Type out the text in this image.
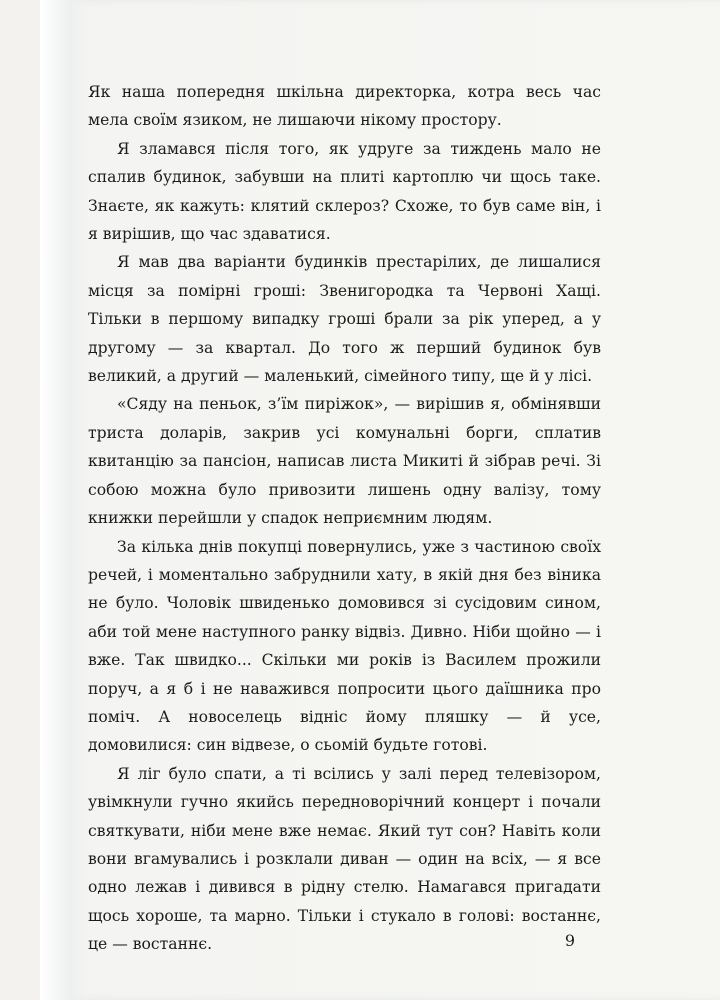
Як наша попередня шкільна директорка, котра весь час мела своїм язиком, не лишаючи нікому простору.

Я зламався після того, як удруге за тиждень мало не спалив будинок, забувши на плиті картоплю чи щось таке. Знаєте, як кажуть: клятий склероз? Схоже, то був саме він, і я вирішив, що час здаватися.

Я мав два варіанти будинків престарілих, де лишалися місця за помірні гроші: Звенигородка та Червоні Хащі. Тільки в першому випадку гроші брали за рік уперед, а у другому — за квартал. До того ж перший будинок був великий, а другий — маленький, сімейного типу, ще й у лісі.

«Сяду на пеньок, з’їм пиріжок», — вирішив я, обмінявши триста доларів, закрив усі комунальні борги, сплатив квитанцію за пансіон, написав листа Микиті й зібрав речі. Зі собою можна було привозити лишень одну валізу, тому книжки перейшли у спадок неприємним людям.

За кілька днів покупці повернулись, уже з частиною своїх речей, і моментально забруднили хату, в якій дня без віника не було. Чоловік швиденько домовився зі сусідовим сином, аби той мене наступного ранку відвіз. Дивно. Ніби щойно — і вже. Так швидко... Скільки ми років із Василем прожили поруч, а я б і не наважився попросити цього даїшника про поміч. А новоселець відніс йому пляшку — й усе, домовилися: син відвезе, о сьомій будьте готові.

Я ліг було спати, а ті всілись у залі перед телевізором, увімкнули гучно якийсь передноворічний концерт і почали святкувати, ніби мене вже немає. Який тут сон? Навіть коли вони вгамувались і розклали диван — один на всіх, — я все одно лежав і дивився в рідну стелю. Намагався пригадати щось хороше, та марно. Тільки і стукало в голові: востаннє, це — востаннє.	9
